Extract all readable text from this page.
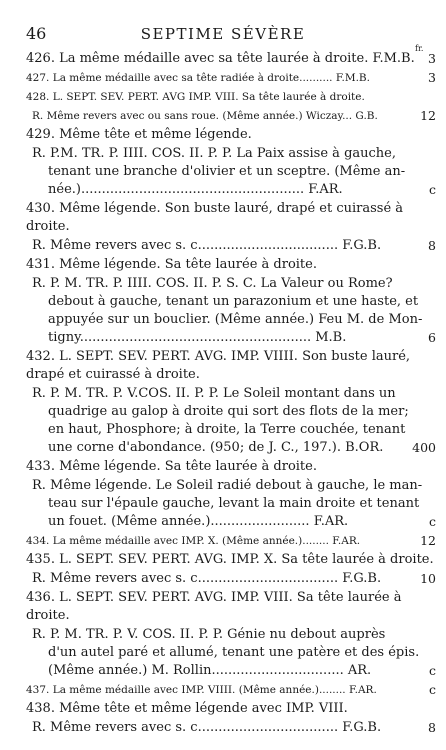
46	SEPTIME SÉVÈRE
fr.
426. La même médaille avec sa tête laurée à droite. F.M.B.	3
427. La même médaille avec sa tête radiée à droite.......... F.M.B.	3
428. L. SEPT. SEV. PERT. AVG IMP. VIII. Sa tête laurée à droite.
R. Même revers avec ou sans roue. (Même année.) Wiczay... G.B.	12
429. Même tête et même légende.
R. P.M. TR. P. IIII. COS. II. P. P. La Paix assise à gauche,
tenant une branche d'olivier et un sceptre. (Même an-
née.)...................................................... F.AR.	c
430. Même légende. Son buste lauré, drapé et cuirassé à
droite.
R. Même revers avec s. c.................................. F.G.B.	8
431. Même légende. Sa tête laurée à droite.
R. P. M. TR. P. IIII. COS. II. P. S. C. La Valeur ou Rome?
debout à gauche, tenant un parazonium et une haste, et
appuyée sur un bouclier. (Même année.) Feu M. de Mon-
tigny........................................................ M.B.	6
432. L. SEPT. SEV. PERT. AVG. IMP. VIIII. Son buste lauré,
drapé et cuirassé à droite.
R. P. M. TR. P. V.COS. II. P. P. Le Soleil montant dans un
quadrige au galop à droite qui sort des flots de la mer;
en haut, Phosphore; à droite, la Terre couchée, tenant
une corne d'abondance. (950; de J. C., 197.). B.OR.	400
433. Même légende. Sa tête laurée à droite.
R. Même légende. Le Soleil radié debout à gauche, le man-
teau sur l'épaule gauche, levant la main droite et tenant
un fouet. (Même année.)........................ F.AR.	c
434. La même médaille avec IMP. X. (Même année.)........ F.AR.	12
435. L. SEPT. SEV. PERT. AVG. IMP. X. Sa tête laurée à droite.
R. Même revers avec s. c.................................. F.G.B.	10
436. L. SEPT. SEV. PERT. AVG. IMP. VIII. Sa tête laurée à
droite.
R. P. M. TR. P. V. COS. II. P. P. Génie nu debout auprès
d'un autel paré et allumé, tenant une patère et des épis.
(Même année.) M. Rollin................................ AR.	c
437. La même médaille avec IMP. VIIII. (Même année.)........ F.AR.	c
438. Même tête et même légende avec IMP. VIII.
R. Même revers avec s. c.................................. F.G.B.	8
